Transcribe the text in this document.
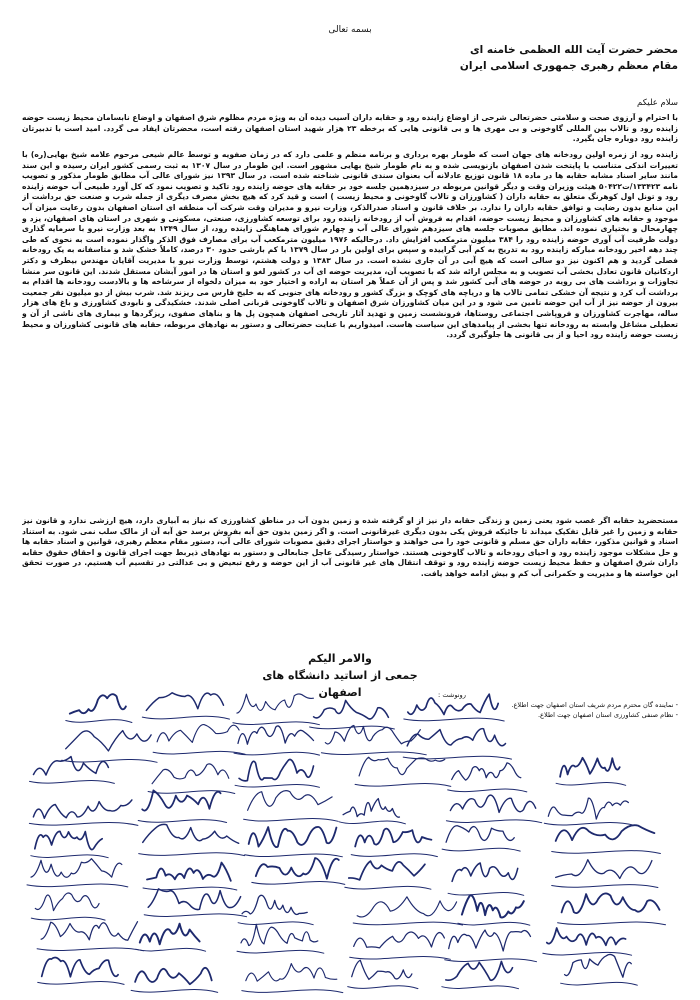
بسمه تعالی
محضر حضرت آیت الله العظمی خامنه ای
مقام معظم رهبری جمهوری اسلامی ایران
سلام علیکم
با احترام و آرزوی صحت و سلامتی حضرتعالی شرحی از اوضاع زاینده رود و حقابه داران آسیب دیده آن به ویژه مردم مظلوم شرق اصفهان و اوضاع نابسامان محیط زیست حوضه زاینده رود و تالاب بین المللی گاوخونی و بی مهری ها و بی قانونی هایی که برخطه ۲۳ هزار شهید استان اصفهان رفته است، محضرتان ایفاد می گردد. امید است با تدبیرتان زاینده رود دوباره جان بگیرد.
زاینده رود از زمره اولین رودخانه های جهان است که طومار بهره برداری و برنامه منظم و علمی دارد که در زمان صفویه و توسط عالم شیعی مرحوم علامه شیخ بهایی(ره) با تغییرات اندکی متناسب با پایتخت شدن اصفهان بازنویسی شده و به نام طومار شیخ بهایی مشهور است. این طومار در سال ۱۳۰۷ به ثبت رسمی کشور ایران رسیده و این سند مانند سایر اسناد مشابه حقابه ها در ماده ۱۸ قانون توزیع عادلانه آب بعنوان سندی قانونی شناخته شده است. در سال ۱۳۹۳ نیز شورای عالی آب مطابق طومار مذکور و تصویب نامه ۱۳۳۴۲۳/ت۵۰۴۲۲ هیئت وزیران وقت و دیگر قوانین مربوطه در سیزدهمین جلسه خود بر حقابه های حوضه زاینده رود تاکید و تصویب نمود که کل آورد طبیعی آب حوضه زاینده رود و تونل اول کوهرنگ متعلق به حقابه داران ( کشاورزان و تالاب گاوخونی و محیط زیست ) است و قید کرد که هیچ بخش مصرف دیگری از جمله شرب و صنعت حق برداشت از این منابع بدون رضایت و توافق حقابه داران را ندارد. بر خلاف قانون و اسناد صدرالذکر، وزارت نیرو و مدیران وقت شرکت آب منطقه ای استان اصفهان بدون رعایت میزان آب موجود و حقابه های کشاورزان و محیط زیست حوضه، اقدام به فروش آب از رودخانه زاینده رود برای توسعه کشاورزی، صنعتی، مسکونی و شهری در استان های اصفهان، یزد و چهارمحال و بختیاری نموده اند. مطابق مصوبات جلسه های سیزدهم شورای عالی آب و چهارم شورای هماهنگی زاینده رود، از سال ۱۳۴۹ به بعد وزارت نیرو با سرمایه گذاری دولت ظرفیت آب آوری حوضه زاینده رود را ۳۸۴ میلیون مترمکعب افزایش داد. درحالیکه ۱۹۷۶ میلیون مترمکعب آب برای مصارف فوق الذکر واگذار نموده است به نحوی که طی چند دهه اخیر رودخانه مبارکه زاینده رود به تدریج به کم آبی گراییده و سپس برای اولین بار در سال ۱۳۷۹ با کم بارشی حدود ۳۰ درصد، کاملاً خشک شد و متاسفانه به یک رودخانه فصلی گردید و هم اکنون نیز دو سالی است که هیچ آبی در آن جاری نشده است. در سال ۱۳۸۳ و دولت هشتم، توسط وزارت نیرو با مدیریت آقایان مهندس بیطرف و دکتر اردکانیان قانون تعادل بخشی آب تصویب و به مجلس ارائه شد که با تصویب آن، مدیریت حوضه ای آب در کشور لغو و استان ها در امور آبشان مستقل شدند. این قانون سر منشا تجاوزات و برداشت های بی رویه در حوضه های آبی کشور شد و پس از آن عملاً هر استان به اراده و اختیار خود به میزان دلخواه از سرشاخه ها و بالادست رودخانه ها اقدام به برداشت آب کرد و نتیجه آن خشکی تمامی تالاب ها و دریاچه های کوچک و بزرگ کشور و رودخانه های جنوبی که به خلیج فارس می ریزند شد. شرب بیش از دو میلیون نفر جمعیت بیرون از حوضه نیز از آب این حوضه تامین می شود و در این میان کشاورزان شرق اصفهان و تالاب گاوخونی قربانی اصلی شدند. خشکیدگی و نابودی کشاورزی و باغ های هزار ساله، مهاجرت کشاورزان و فروپاشی اجتماعی روستاها، فرونشست زمین و تهدید آثار تاریخی اصفهان همچون پل ها و بناهای صفوی، ریزگردها و بیماری های ناشی از آن و تعطیلی مشاغل وابسته به رودخانه تنها بخشی از پیامدهای این سیاست هاست. امیدواریم با عنایت حضرتعالی و دستور به نهادهای مربوطه، حقابه های قانونی کشاورزان و محیط زیست حوضه زاینده رود احیا و از بی قانونی ها جلوگیری گردد.
مستحضرید حقابه اگر غصب شود یعنی زمین و زندگی حقابه دار نیز از او گرفته شده و زمین بدون آب در مناطق کشاورزی که نیاز به آبیاری دارد، هیچ ارزشی ندارد و قانون نیز حقابه و زمین را غیر قابل تفکیک میداند تا جائیکه فروش یکی بدون دیگری غیرقانونی است. و اگر زمین بدون حق آبه بفروش برسد حق آبه آن از مالک سلب نمی شود. به استناد اسناد و قوانین مذکور، حقابه داران حق مسلم و قانونی خود را می خواهند و خواستار اجرای دقیق مصوبات شورای عالی آب، دستور مقام معظم رهبری، قوانین و اسناد حقابه ها و حل مشکلات موجود زاینده رود و احیای رودخانه و تالاب گاوخونی هستند. خواستار رسیدگی عاجل جنابعالی و دستور به نهادهای ذیربط جهت اجرای قانون و احقاق حقوق حقابه داران شرق اصفهان و حفظ محیط زیست حوضه زاینده رود و توقف انتقال های غیر قانونی آب از این حوضه و رفع تبعیض و بی عدالتی در تقسیم آب هستیم. در صورت تحقق این خواسته ها و مدیریت و حکمرانی آب کم و بیش ادامه خواهد یافت.
والامر الیکم
جمعی از اساتید دانشگاه های اصفهان	رونوشت :
- نماینده گان محترم مردم شریف استان اصفهان جهت اطلاع.
- نظام صنفی کشاورزی استان اصفهان جهت اطلاع.
